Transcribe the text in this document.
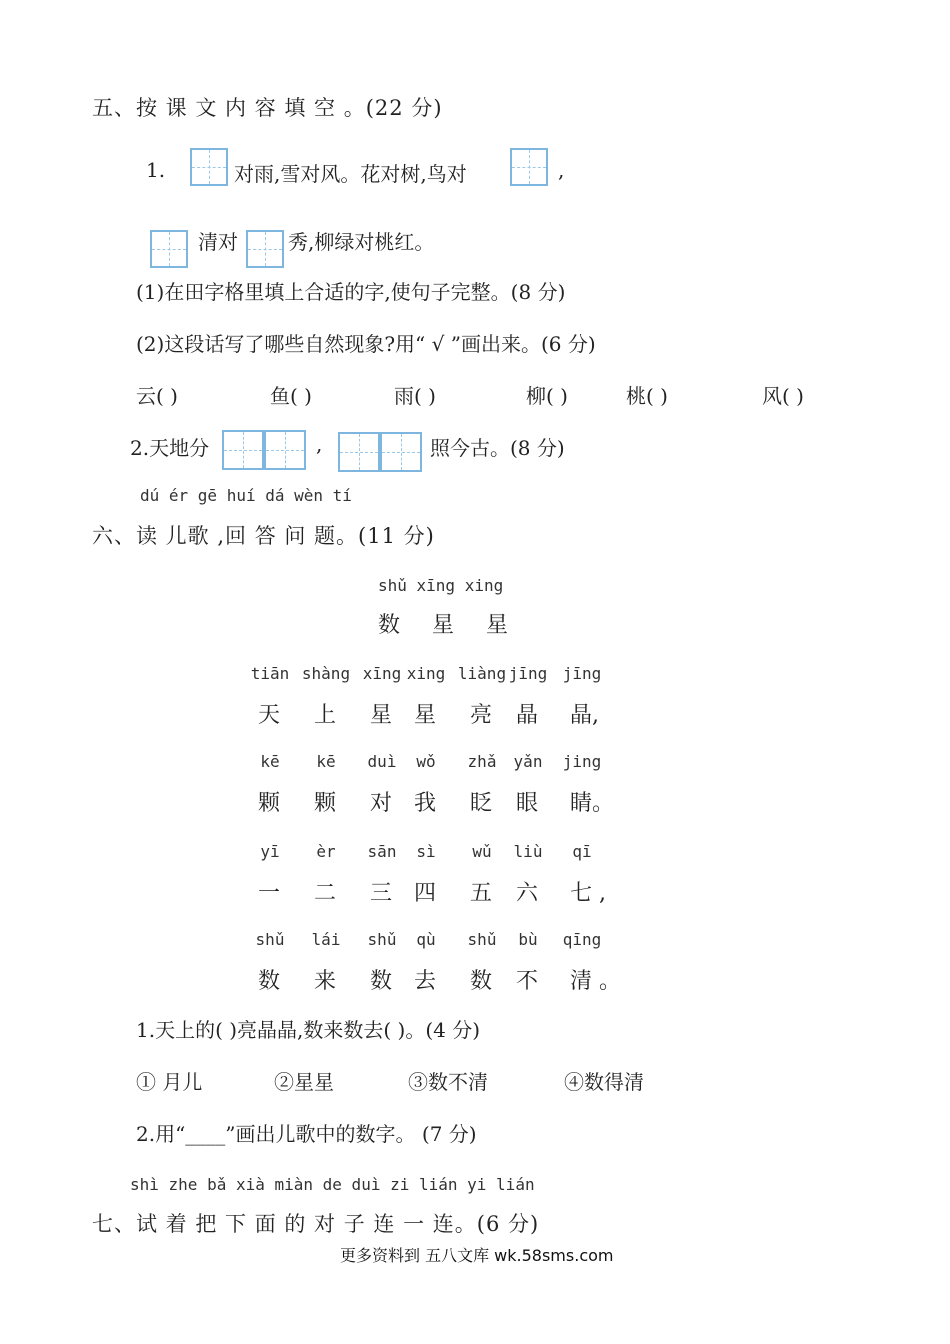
五、按 课 文 内 容 填 空 。(22 分)
1.	对雨,雪对风。花对树,鸟对	,
清对	秀,柳绿对桃红。
(1)在田字格里填上合适的字,使句子完整。(8 分)
(2)这段话写了哪些自然现象?用“ √ ”画出来。(6 分)
云( )	鱼( )	雨( )	柳( )	桃( )	风( )
2.天地分	,	照今古。(8 分)
dú ér gē huí dá wèn tí
六、读 儿歌 ,回 答 问 题。(11 分)
shǔ xīng xing
数	星	星
tiān shàng xīng xing liàng jīng jīng
天 上 星 星 亮 晶 晶,
kē	kē	duì	wǒ	zhǎ	yǎn	jing
颗 颗 对 我 眨 眼 睛。
yī	èr	sān	sì	wǔ	liù	qī
一 二 三 四 五 六 七 ,
shǔ	lái	shǔ	qù	shǔ	bù	qīng
数 来 数 去 数 不 清 。
1.天上的( )亮晶晶,数来数去( )。(4 分)
① 月儿	②星星	③数不清	④数得清
2.用“____”画出儿歌中的数字。 (7 分)
shì zhe bǎ xià miàn de duì zi lián yi lián
七、试 着 把 下 面 的 对 子 连 一 连。(6 分)
更多资料到 五八文库 wk.58sms.com
